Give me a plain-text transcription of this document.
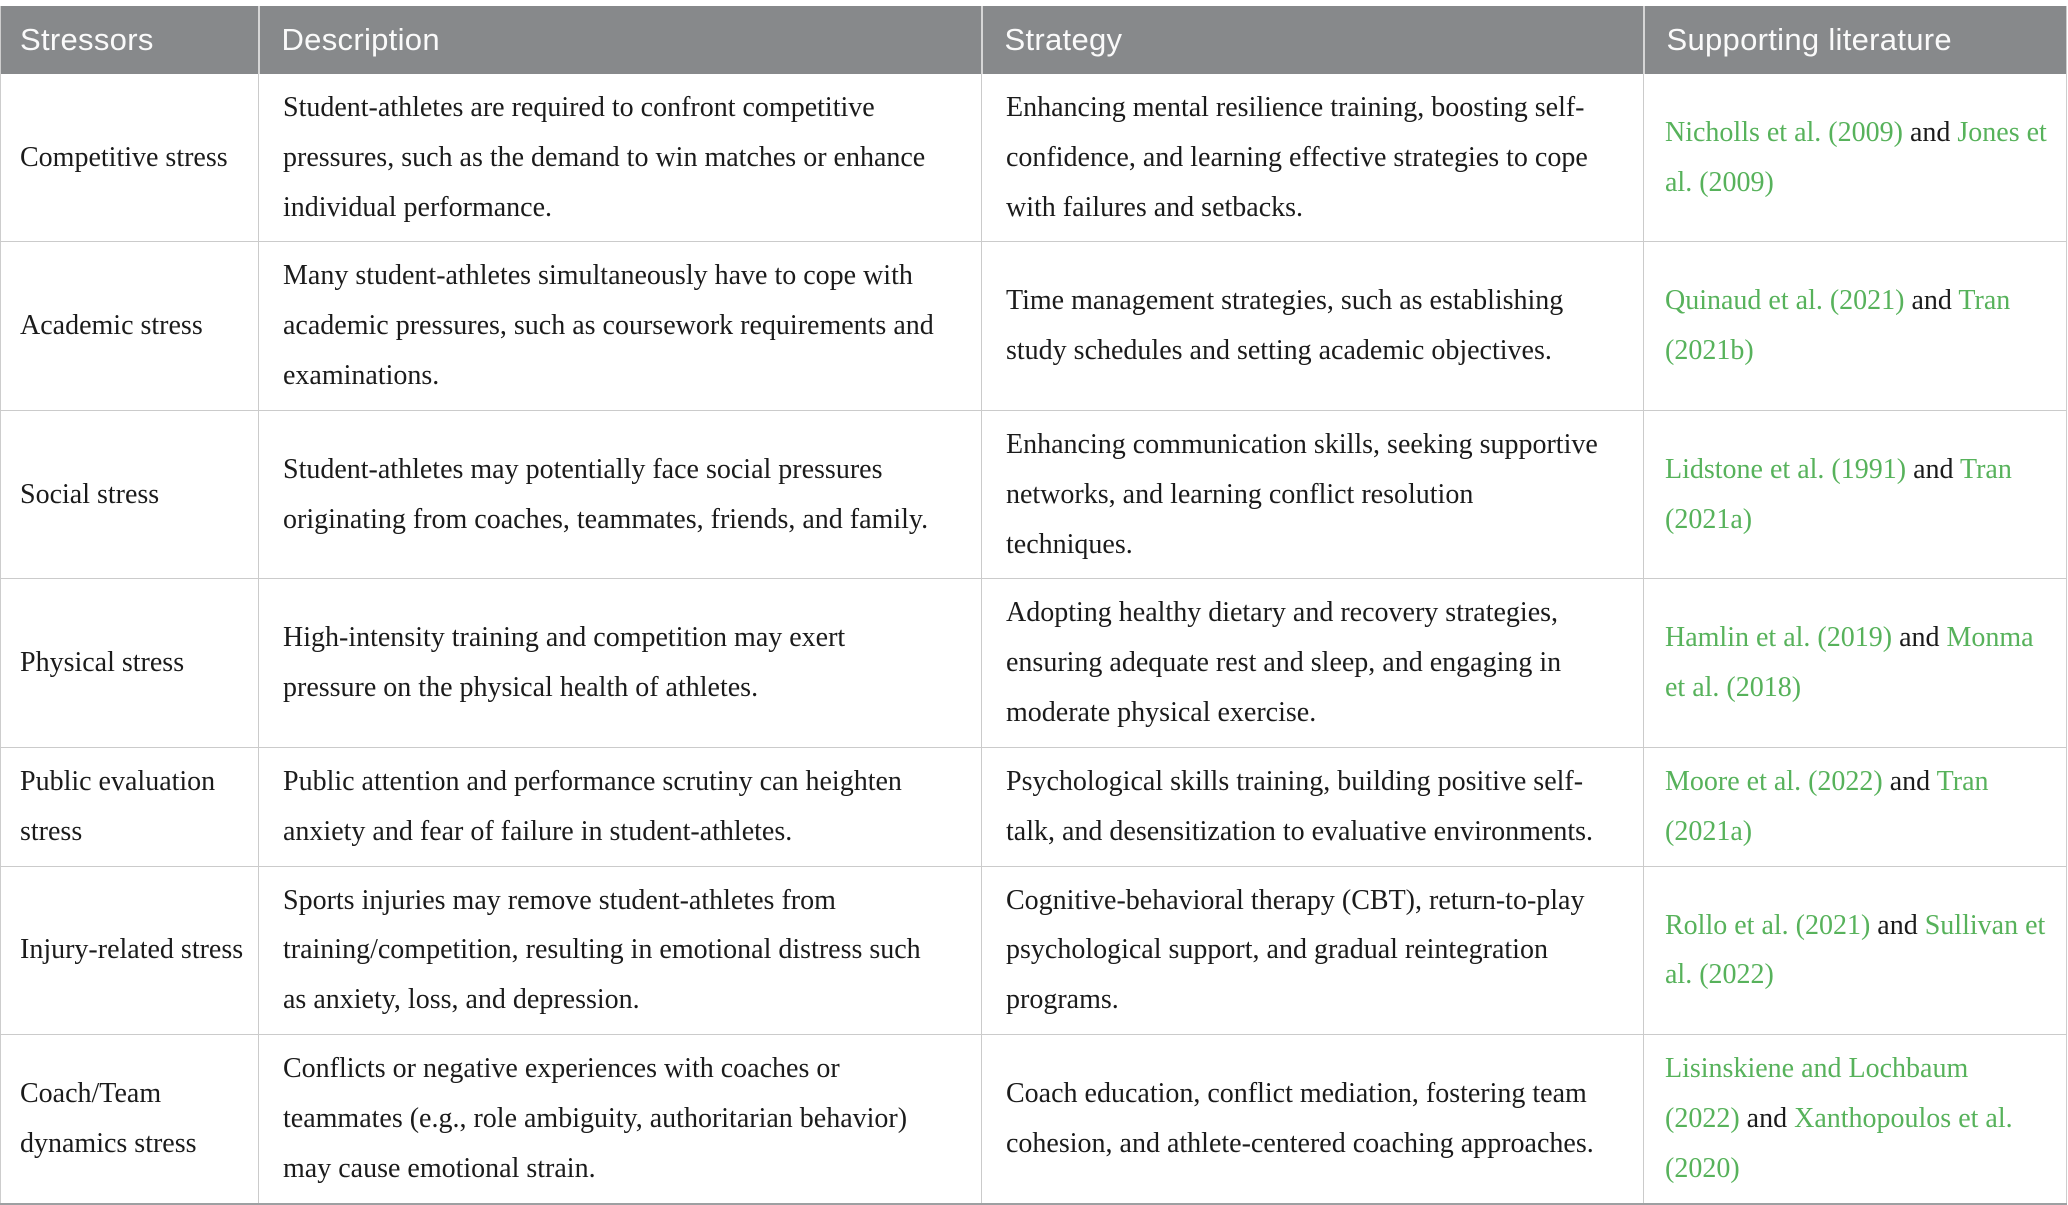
Stressors	Description	Strategy	Supporting literature
Competitive stress	Student-athletes are required to confront competitive pressures, such as the demand to win matches or enhance individual performance.	Enhancing mental resilience training, boosting self-confidence, and learning effective strategies to cope with failures and setbacks.	Nicholls et al. (2009) and Jones et al. (2009)
Academic stress	Many student-athletes simultaneously have to cope with academic pressures, such as coursework requirements and examinations.	Time management strategies, such as establishing study schedules and setting academic objectives.	Quinaud et al. (2021) and Tran (2021b)
Social stress	Student-athletes may potentially face social pressures originating from coaches, teammates, friends, and family.	Enhancing communication skills, seeking supportive networks, and learning conflict resolution techniques.	Lidstone et al. (1991) and Tran (2021a)
Physical stress	High-intensity training and competition may exert pressure on the physical health of athletes.	Adopting healthy dietary and recovery strategies, ensuring adequate rest and sleep, and engaging in moderate physical exercise.	Hamlin et al. (2019) and Monma et al. (2018)
Public evaluation stress	Public attention and performance scrutiny can heighten anxiety and fear of failure in student-athletes.	Psychological skills training, building positive self-talk, and desensitization to evaluative environments.	Moore et al. (2022) and Tran (2021a)
Injury-related stress	Sports injuries may remove student-athletes from training/competition, resulting in emotional distress such as anxiety, loss, and depression.	Cognitive-behavioral therapy (CBT), return-to-play psychological support, and gradual reintegration programs.	Rollo et al. (2021) and Sullivan et al. (2022)
Coach/Team dynamics stress	Conflicts or negative experiences with coaches or teammates (e.g., role ambiguity, authoritarian behavior) may cause emotional strain.	Coach education, conflict mediation, fostering team cohesion, and athlete-centered coaching approaches.	Lisinskiene and Lochbaum (2022) and Xanthopoulos et al. (2020)
